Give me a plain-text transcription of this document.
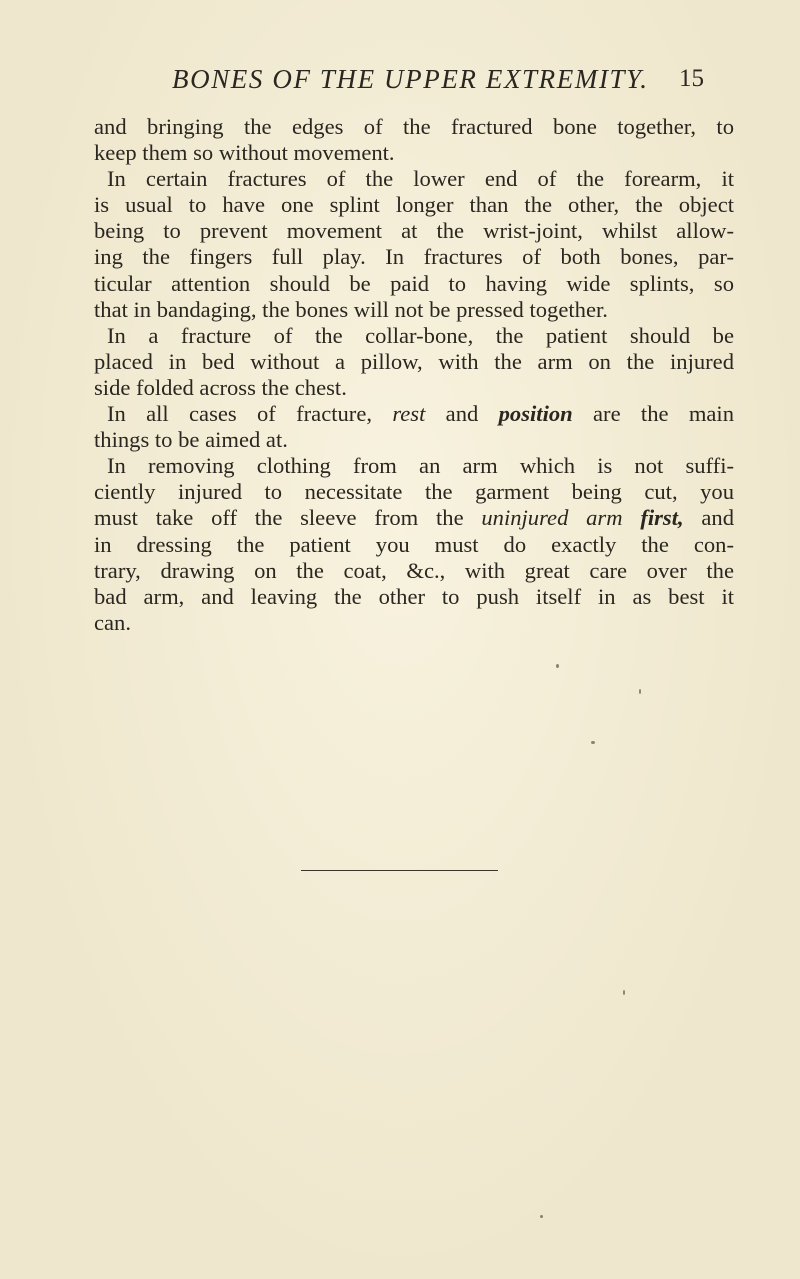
BONES OF THE UPPER EXTREMITY. 15
and bringing the edges of the fractured bone together, to
keep them so without movement.
In certain fractures of the lower end of the forearm, it
is usual to have one splint longer than the other, the object
being to prevent movement at the wrist-joint, whilst allow-
ing the fingers full play. In fractures of both bones, par-
ticular attention should be paid to having wide splints, so
that in bandaging, the bones will not be pressed together.
In a fracture of the collar-bone, the patient should be
placed in bed without a pillow, with the arm on the injured
side folded across the chest.
In all cases of fracture, rest and position are the main
things to be aimed at.
In removing clothing from an arm which is not suffi-
ciently injured to necessitate the garment being cut, you
must take off the sleeve from the uninjured arm first, and
in dressing the patient you must do exactly the con-
trary, drawing on the coat, &c., with great care over the
bad arm, and leaving the other to push itself in as best it
can.
